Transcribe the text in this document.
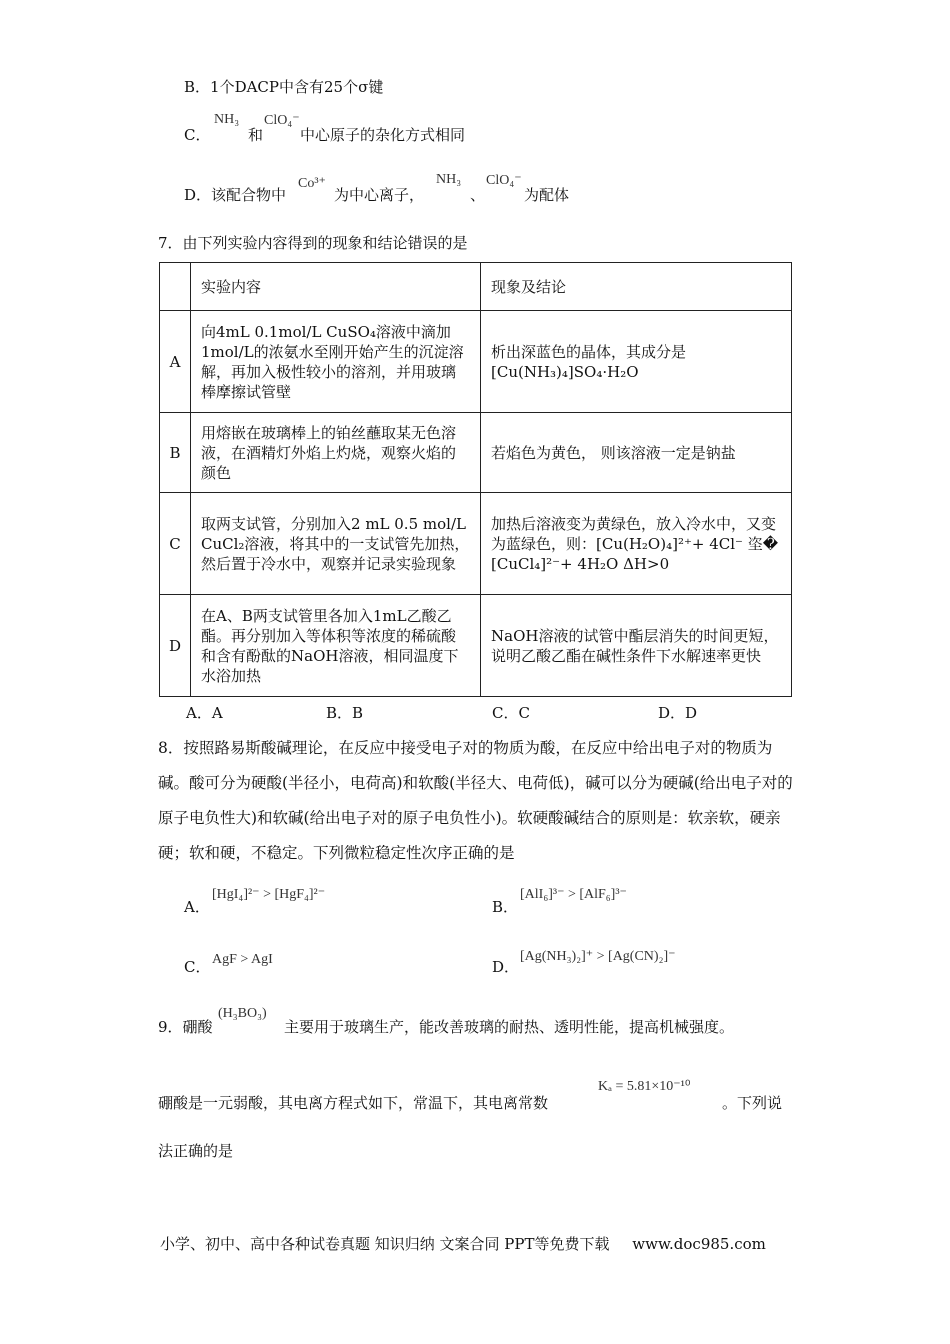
B．1个DACP中含有25个σ键
C．
NH₃
和
ClO₄⁻
中心原子的杂化方式相同
D．该配合物中
Co³⁺
为中心离子，
NH₃
、
ClO₄⁻
为配体
7．由下列实验内容得到的现象和结论错误的是
	实验内容	现象及结论
A	向4mL 0.1mol/L CuSO₄溶液中滴加1mol/L的浓氨水至刚开始产生的沉淀溶解，再加入极性较小的溶剂，并用玻璃棒摩擦试管壁	析出深蓝色的晶体，其成分是[Cu(NH₃)₄]SO₄·H₂O
B	用熔嵌在玻璃棒上的铂丝蘸取某无色溶液，在酒精灯外焰上灼烧，观察火焰的颜色	若焰色为黄色， 则该溶液一定是钠盐
C	取两支试管，分别加入2 mL 0.5 mol/L CuCl₂溶液，将其中的一支试管先加热，然后置于冷水中，观察并记录实验现象	加热后溶液变为黄绿色，放入冷水中，又变为蓝绿色，则：[Cu(H₂O)₄]²⁺+ 4Cl⁻ 垐� [CuCl₄]²⁻+ 4H₂O ΔH>0
D	在A、B两支试管里各加入1mL乙酸乙酯。再分别加入等体积等浓度的稀硫酸和含有酚酞的NaOH溶液，相同温度下水浴加热	NaOH溶液的试管中酯层消失的时间更短，说明乙酸乙酯在碱性条件下水解速率更快
A．A	B．B	C．C	D．D
8．按照路易斯酸碱理论，在反应中接受电子对的物质为酸，在反应中给出电子对的物质为碱。酸可分为硬酸(半径小，电荷高)和软酸(半径大、电荷低)，碱可以分为硬碱(给出电子对的原子电负性大)和软碱(给出电子对的原子电负性小)。软硬酸碱结合的原则是：软亲软，硬亲硬；软和硬，不稳定。下列微粒稳定性次序正确的是
A．
[HgI₄]²⁻ > [HgF₄]²⁻
B．
[AlI₆]³⁻ > [AlF₆]³⁻
C． AgF > AgI	D．
[Ag(NH₃)₂]⁺ > [Ag(CN)₂]⁻
9．硼酸
(H₃BO₃)
主要用于玻璃生产，能改善玻璃的耐热、透明性能，提高机械强度。
硼酸是一元弱酸，其电离方程式如下，常温下，其电离常数
Kₐ = 5.81×10⁻¹⁰
。下列说
法正确的是
小学、初中、高中各种试卷真题 知识归纳 文案合同 PPT等免费下载 www.doc985.com
